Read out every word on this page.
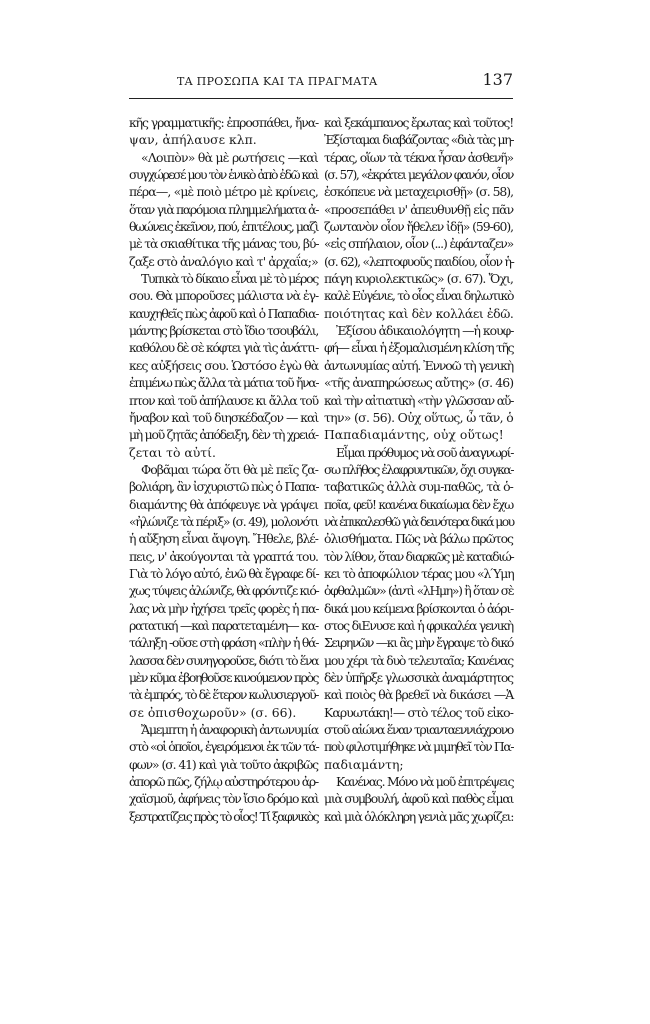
ΤΑ ΠΡΟΣΩΠΑ ΚΑΙ ΤΑ ΠΡΑΓΜΑΤΑ	137
κῆς γραμματικῆς: ἐπροσπάθει, ἤνα-
ψαν, ἀπήλαυσε κλπ.
«Λοιπὸν» θὰ μὲ ρωτήσεις —καὶ
συγχώρεσέ μου τὸν ἑνικὸ ἀπὸ ἐδῶ καὶ
πέρα—, «μὲ ποιὸ μέτρο μὲ κρίνεις,
ὅταν γιὰ παρόμοια πλημμελήματα ἀ-
θωώνεις ἐκεῖνον, πού, ἐπιτέλους, μαζὶ
μὲ τὰ σκιαθίτικα τῆς μάνας του, βύ-
ζαξε στὸ ἀναλόγιο καὶ τ' ἀρχαΐα;»
Τυπικὰ τὸ δίκαιο εἶναι μὲ τὸ μέρος
σου. Θὰ μποροῦσες μάλιστα νὰ ἐγ-
καυχηθεῖς πὼς ἀφοῦ καὶ ὁ Παπαδια-
μάντης βρίσκεται στὸ ἴδιο τσουβάλι,
καθόλου δὲ σὲ κόφτει γιὰ τὶς ἀνάττι-
κες αὐξήσεις σου. Ὡστόσο ἐγὼ θὰ
ἐπιμένω πὼς ἄλλα τὰ μάτια τοῦ ἤνα-
πτον καὶ τοῦ ἀπήλαυσε κι ἄλλα τοῦ
ἤναβον καὶ τοῦ διησκέδαζον — καὶ
μὴ μοῦ ζητᾶς ἀπόδειξη, δὲν τὴ χρειά-
ζεται τὸ αὐτί.
Φοβᾶμαι τώρα ὅτι θὰ μὲ πεῖς ζα-
βολιάρη, ἂν ἰσχυριστῶ πὼς ὁ Παπα-
διαμάντης θὰ ἀπόφευγε νὰ γράψει
«ἠλώνιζε τὰ πέριξ» (σ. 49), μολονότι
ἡ αὔξηση εἶναι ἄψογη. Ἤθελε, βλέ-
πεις, ν' ἀκούγονται τὰ γραπτά του.
Γιὰ τὸ λόγο αὐτό, ἐνῶ θὰ ἔγραφε δί-
χως τύψεις ἀλώνιζε, θὰ φρόντιζε κιό-
λας νὰ μὴν ἠχήσει τρεῖς φορὲς ἡ πα-
ρατατική —καὶ παρατεταμένη— κα-
τάληξη -οῦσε στὴ φράση «πλὴν ἡ θά-
λασσα δὲν συνηγοροῦσε, διότι τὸ ἕνα
μὲν κῦμα ἐβοηθοῦσε κινούμενον πρὸς
τὰ ἐμπρός, τὸ δὲ ἕτερον κωλυσιεργοῦ-
σε ὀπισθοχωροῦν» (σ. 66).
Ἄμεμπτη ἡ ἀναφορικὴ ἀντωνυμία
στὸ «οἱ ὁποῖοι, ἐγειρόμενοι ἐκ τῶν τά-
φων» (σ. 41) καὶ γιὰ τοῦτο ἀκριβῶς
ἀπορῶ πῶς, ζήλῳ αὐστηρότερου ἀρ-
χαϊσμοῦ, ἀφήνεις τὸν ἴσιο δρόμο καὶ
ξεστρατίζεις πρὸς τὸ οἷος! Τί ξαφνικὸς
καὶ ξεκάμπανος ἔρωτας καὶ τοῦτος!
Ἐξίσταμαι διαβάζοντας «διὰ τὰς μη-
τέρας, οἵων τὰ τέκνα ἦσαν ἀσθενῆ»
(σ. 57), «ἐκράτει μεγάλον φανόν, οἷον
ἐσκόπευε νὰ μεταχειρισθῇ» (σ. 58),
«προσεπάθει ν' ἀπευθυνθῇ εἰς πᾶν
ζωντανὸν οἷον ἤθελεν ἰδῇ» (59-60),
«εἰς σπήλαιον, οἷον (...) ἐφάνταζεν»
(σ. 62), «λεπτοφυοῦς παιδίου, οἷον ἡ-
πάγη κυριολεκτικῶς» (σ. 67). Ὄχι,
καλὲ Εὐγένιε, τὸ οἷος εἶναι δηλωτικὸ
ποιότητας καὶ δὲν κολλάει ἐδῶ.
Ἐξίσου ἀδικαιολόγητη —ἡ κουφ-
φή— εἶναι ἡ ἐξομαλισμένη κλίση τῆς
ἀντωνυμίας αὐτή. Ἐννοῶ τὴ γενικὴ
«τῆς ἀναπηρώσεως αὔτης» (σ. 46)
καὶ τὴν αἰτιατικὴ «τὴν γλῶσσαν αὔ-
την» (σ. 56). Οὐχ οὕτως, ὦ τᾶν, ὁ
Παπαδιαμάντης, οὐχ οὕτως!
Εἶμαι πρόθυμος νὰ σοῦ ἀναγνωρί-
σω πλῆθος ἐλαφρυντικῶν, ὄχι συγκα-
ταβατικῶς ἀλλὰ συμ-παθῶς, τὰ ὁ-
ποῖα, φεῦ! κανένα δικαίωμα δὲν ἔχω
νὰ ἐπικαλεσθῶ γιὰ δεινότερα δικά μου
ὀλισθήματα. Πῶς νὰ βάλω πρῶτος
τὸν λίθον, ὅταν διαρκῶς μὲ καταδιώ-
κει τὸ ἀποφώλιον τέρας μου «λΎμη
ὀφθαλμῶν» (ἀντὶ «λΗμη») ἢ ὅταν σὲ
δικά μου κείμενα βρίσκονται ὁ ἀόρι-
στος διΕνυσε καὶ ἡ φρικαλέα γενικὴ
Σειρηνῶν —κι ἂς μὴν ἔγραψε τὸ δικό
μου χέρι τὰ δυὸ τελευταῖα; Κανένας
δὲν ὑπῆρξε γλωσσικὰ ἀναμάρτητος
καὶ ποιὸς θὰ βρεθεῖ νὰ δικάσει —Ἁ
Καρυωτάκη!— στὸ τέλος τοῦ εἰκο-
στοῦ αἰώνα ἕναν τριανταεννιάχρονο
ποὺ φιλοτιμήθηκε νὰ μιμηθεῖ τὸν Πα-
παδιαμάντη;
Κανένας. Μόνο νὰ μοῦ ἐπιτρέψεις
μιὰ συμβουλή, ἀφοῦ καὶ παθὸς εἶμαι
καὶ μιὰ ὁλόκληρη γενιὰ μᾶς χωρίζει:
